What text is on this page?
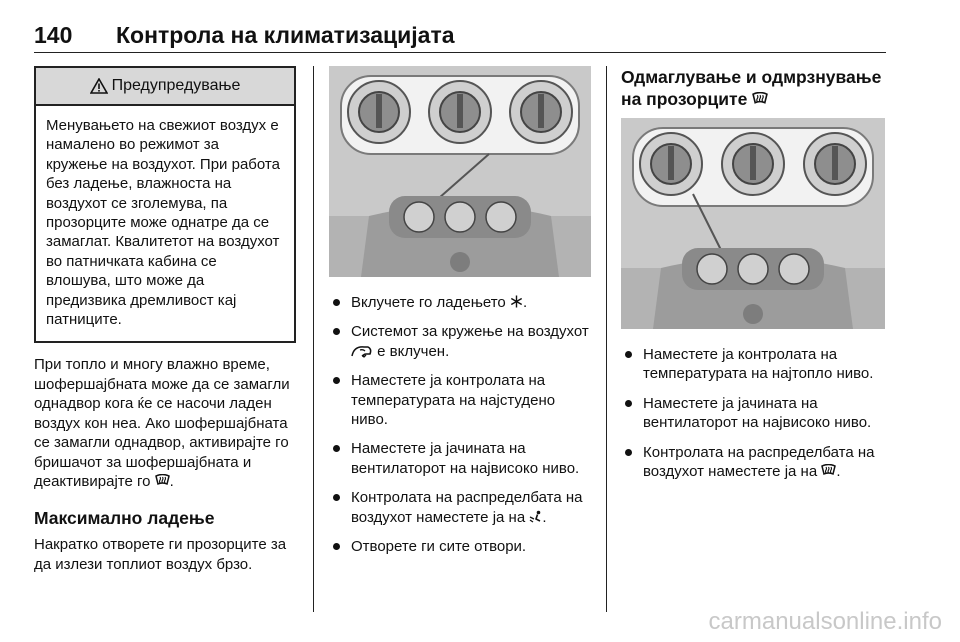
140 Контрола на климатизацијата
Предупредување
Менувањето на свежиот воздух е намалено во режимот за кружење на воздухот. При работа без ладење, влажноста на воздухот се зголемува, па прозорците може однатре да се замаглат. Квалитетот на воздухот во патничката кабина се влошува, што може да предизвика дремливост кај патниците.

При топло и многу влажно време, шофершајбната може да се замагли однадвор кога ќе се насочи ладен воздух кон неа. Ако шофершајбната се замагли однадвор, активирајте го бришачот за шофершајбната и деактивирајте го .

Максимално ладење

Накратко отворете ги прозорците за да излези топлиот воздух брзо.

Вклучете го ладењето .
Системот за кружење на воздухот  е вклучен.
Наместете ја контролата на температурата на најстудено ниво.
Наместете ја јачината на вентилаторот на највисоко ниво.
Контролата на распределбата на воздухот наместете ја на .
Отворете ги сите отвори.

Одмаглување и одмрзнување на прозорците

Наместете ја контролата на температурата на најтопло ниво.
Наместете ја јачината на вентилаторот на највисоко ниво.
Контролата на распределбата на воздухот наместете ја на .
carmanualsonline.info
